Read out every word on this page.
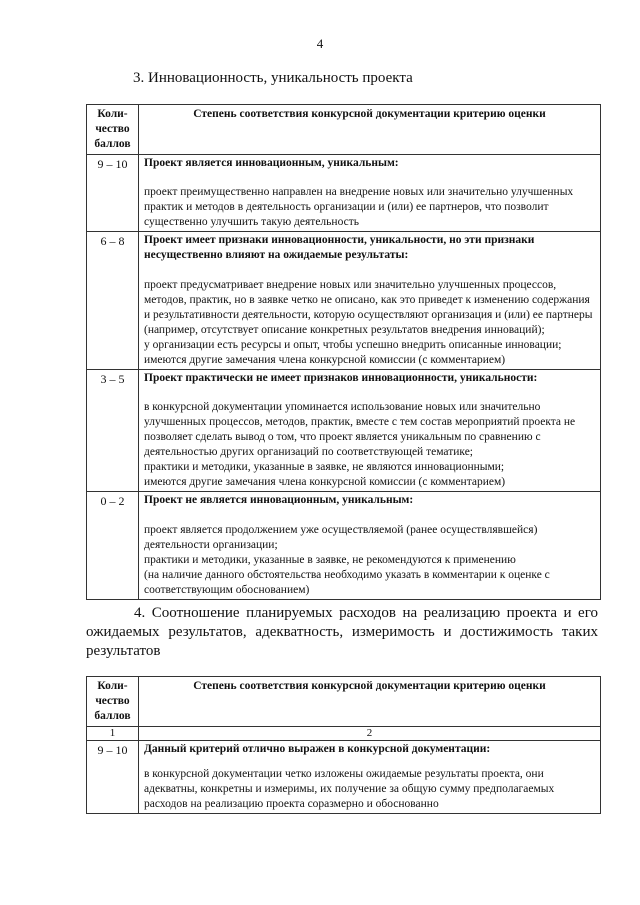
4
3. Инновационность, уникальность проекта
Коли-
чество
баллов	Степень соответствия конкурсной документации критерию оценки
9 – 10	Проект является инновационным, уникальным:

проект преимущественно направлен на внедрение новых или значительно улучшенных практик и методов в деятельность организации и (или) ее партнеров, что позволит существенно улучшить такую деятельность

6 – 8	Проект имеет признаки инновационности, уникальности, но эти признаки несущественно влияют на ожидаемые результаты:

проект предусматривает внедрение новых или значительно улучшенных процессов, методов, практик, но в заявке четко не описано, как это приведет к изменению содержания и результативности деятельности, которую осуществляют организация и (или) ее партнеры (например, отсутствует описание конкретных результатов внедрения инноваций);

у организации есть ресурсы и опыт, чтобы успешно внедрить описанные инновации;

имеются другие замечания члена конкурсной комиссии (с комментарием)

3 – 5	Проект практически не имеет признаков инновационности, уникальности:

в конкурсной документации упоминается использование новых или значительно улучшенных процессов, методов, практик, вместе с тем состав мероприятий проекта не позволяет сделать вывод о том, что проект является уникальным по сравнению с деятельностью других организаций по соответствующей тематике;

практики и методики, указанные в заявке, не являются инновационными;

имеются другие замечания члена конкурсной комиссии (с комментарием)

0 – 2	Проект не является инновационным, уникальным:

проект является продолжением уже осуществляемой (ранее осуществлявшейся) деятельности организации;

практики и методики, указанные в заявке, не рекомендуются к применению

(на наличие данного обстоятельства необходимо указать в комментарии к оценке с соответствующим обоснованием)

4. Соотношение планируемых расходов на реализацию проекта и его ожидаемых результатов, адекватность, измеримость и достижимость таких результатов
Коли-
чество
баллов	Степень соответствия конкурсной документации критерию оценки
1	2
9 – 10	Данный критерий отлично выражен в конкурсной документации:

в конкурсной документации четко изложены ожидаемые результаты проекта, они адекватны, конкретны и измеримы, их получение за общую сумму предполагаемых расходов на реализацию проекта соразмерно и обоснованно
